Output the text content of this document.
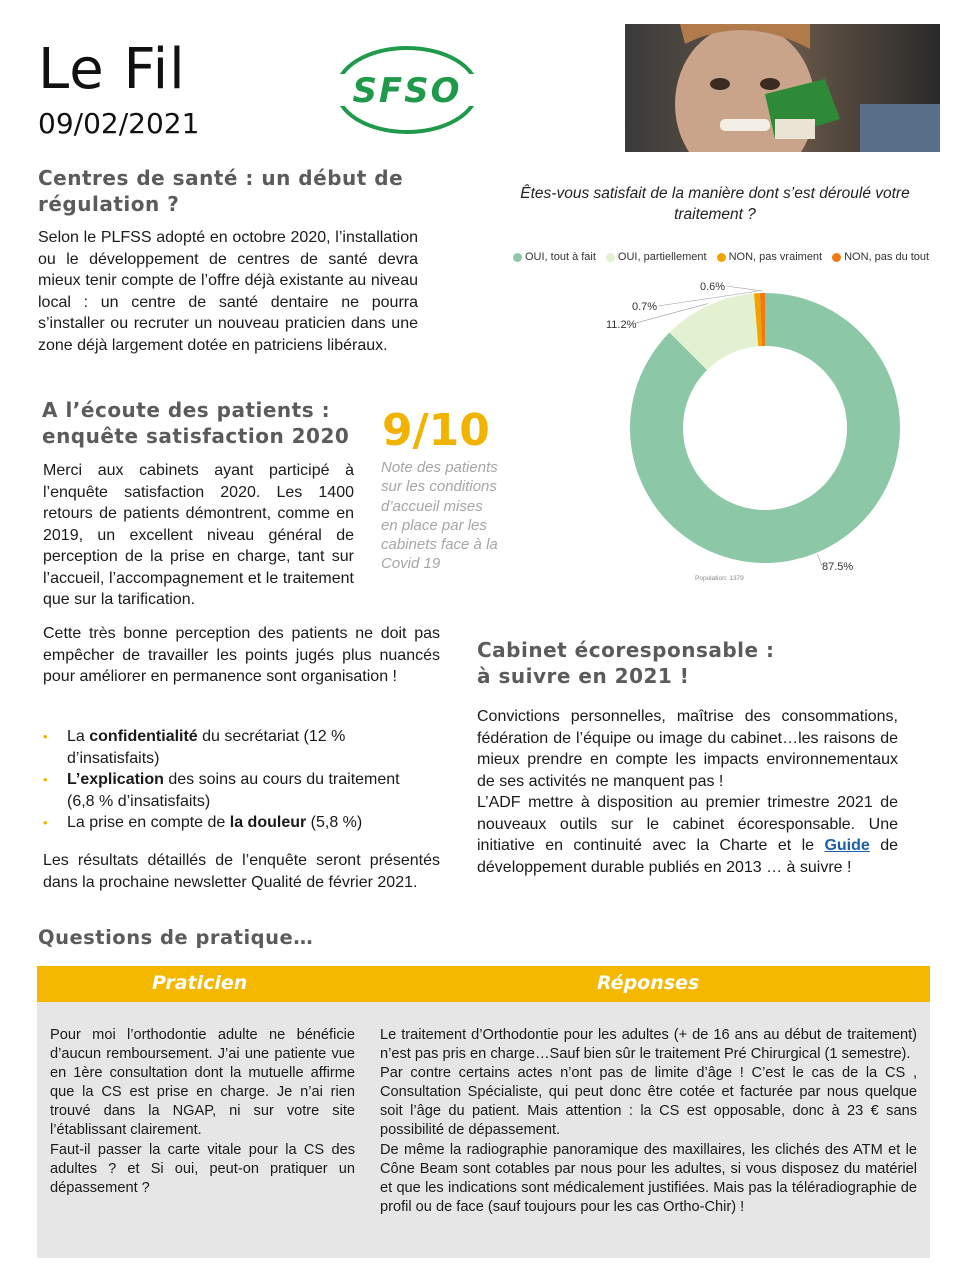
Le Fil
09/02/2021
SFSO
Centres de santé : un début de
régulation ?
Selon le PLFSS adopté en octobre 2020, l’installation ou le développement de centres de santé devra mieux tenir compte de l’offre déjà existante au niveau local : un centre de santé dentaire ne pourra s’installer ou recruter un nouveau praticien dans une zone déjà largement dotée en patriciens libéraux.
A l’écoute des patients :
enquête satisfaction 2020 9/10
Note des patients sur les conditions d’accueil mises en place par les cabinets face à la Covid 19
Merci aux cabinets ayant participé à l’enquête satisfaction 2020. Les 1400 retours de patients démontrent, comme en 2019, un excellent niveau général de perception de la prise en charge, tant sur l’accueil, l’accompagnement et le traitement que sur la tarification.
Cette très bonne perception des patients ne doit pas empêcher de travailler les points jugés plus nuancés pour améliorer en permanence sont organisation !
• La confidentialité du secrétariat (12 % d’insatisfaits)
• L’explication des soins au cours du traitement (6,8 % d’insatisfaits)
• La prise en compte de la douleur (5,8 %)
Les résultats détaillés de l’enquête seront présentés dans la prochaine newsletter Qualité de février 2021.
Êtes-vous satisfait de la manière dont s’est déroulé votre traitement ?
OUI, tout à fait OUI, partiellement NON, pas vraiment NON, pas du tout
87.5%
11.2%
0.7%
0.6%
Population: 1379
Cabinet écoresponsable :
à suivre en 2021 !

Convictions personnelles, maîtrise des consommations, fédération de l’équipe ou image du cabinet…les raisons de mieux prendre en compte les impacts environnementaux de ses activités ne manquent pas !

L’ADF mettre à disposition au premier trimestre 2021 de nouveaux outils sur le cabinet écoresponsable. Une initiative en continuité avec la Charte et le Guide de développement durable publiés en 2013 … à suivre !

Questions de pratique…
Praticien	Réponses

Pour moi l’orthodontie adulte ne bénéficie d’aucun remboursement. J’ai une patiente vue en 1ère consultation dont la mutuelle affirme que la CS est prise en charge. Je n’ai rien trouvé dans la NGAP, ni sur votre site l’établissant clairement.

Faut-il passer la carte vitale pour la CS des adultes ? et Si oui, peut-on pratiquer un dépassement ?

Le traitement d’Orthodontie pour les adultes (+ de 16 ans au début de traitement) n’est pas pris en charge…Sauf bien sûr le traitement Pré Chirurgical (1 semestre).

Par contre certains actes n’ont pas de limite d’âge ! C’est le cas de la CS , Consultation Spécialiste, qui peut donc être cotée et facturée par nous quelque soit l’âge du patient. Mais attention : la CS est opposable, donc à 23 € sans possibilité de dépassement.

De même la radiographie panoramique des maxillaires, les clichés des ATM et le Cône Beam sont cotables par nous pour les adultes, si vous disposez du matériel et que les indications sont médicalement justifiées. Mais pas la téléradiographie de profil ou de face (sauf toujours pour les cas Ortho-Chir) !
